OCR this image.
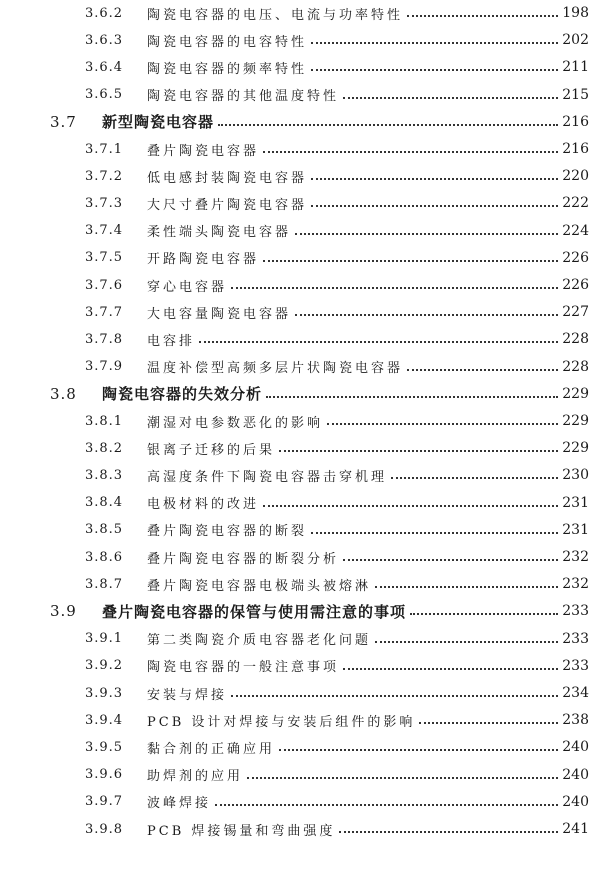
3.6.2	陶瓷电容器的电压、电流与功率特性	198
3.6.3	陶瓷电容器的电容特性	202
3.6.4	陶瓷电容器的频率特性	211
3.6.5	陶瓷电容器的其他温度特性	215
3.7	新型陶瓷电容器	216
3.7.1	叠片陶瓷电容器	216
3.7.2	低电感封装陶瓷电容器	220
3.7.3	大尺寸叠片陶瓷电容器	222
3.7.4	柔性端头陶瓷电容器	224
3.7.5	开路陶瓷电容器	226
3.7.6	穿心电容器	226
3.7.7	大电容量陶瓷电容器	227
3.7.8	电容排	228
3.7.9	温度补偿型高频多层片状陶瓷电容器	228
3.8	陶瓷电容器的失效分析	229
3.8.1	潮湿对电参数恶化的影响	229
3.8.2	银离子迁移的后果	229
3.8.3	高湿度条件下陶瓷电容器击穿机理	230
3.8.4	电极材料的改进	231
3.8.5	叠片陶瓷电容器的断裂	231
3.8.6	叠片陶瓷电容器的断裂分析	232
3.8.7	叠片陶瓷电容器电极端头被熔淋	232
3.9	叠片陶瓷电容器的保管与使用需注意的事项	233
3.9.1	第二类陶瓷介质电容器老化问题	233
3.9.2	陶瓷电容器的一般注意事项	233
3.9.3	安装与焊接	234
3.9.4	PCB 设计对焊接与安装后组件的影响	238
3.9.5	黏合剂的正确应用	240
3.9.6	助焊剂的应用	240
3.9.7	波峰焊接	240
3.9.8	PCB 焊接锡量和弯曲强度	241
